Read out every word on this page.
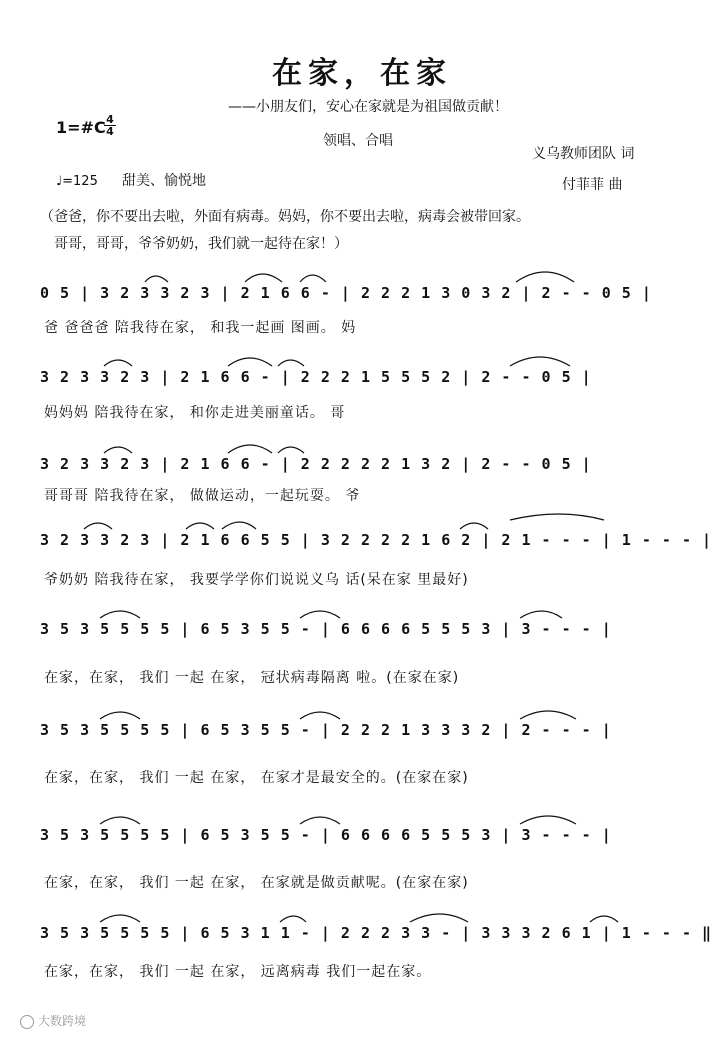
在家，在家
——小朋友们，安心在家就是为祖国做贡献！
1=#C 4
4
领唱、合唱
义乌教师团队 词
付菲菲 曲
♩=125 甜美、愉悦地
（爸爸，你不要出去啦，外面有病毒。妈妈，你不要出去啦，病毒会被带回家。
哥哥，哥哥，爷爷奶奶，我们就一起待在家！）
0 5 | 3 2 3 3 2 3 | 2 1 6 6 - | 2 2 2 1 3 0 3 2 | 2 - - 0 5 |
爸 爸爸爸 陪我待在家， 和我一起画 图画。 妈
3 2 3 3 2 3 | 2 1 6 6 - | 2 2 2 1 5 5 5 2 | 2 - - 0 5 |
妈妈妈 陪我待在家， 和你走进美丽童话。 哥
3 2 3 3 2 3 | 2 1 6 6 - | 2 2 2 2 2 1 3 2 | 2 - - 0 5 |
哥哥哥 陪我待在家， 做做运动，一起玩耍。 爷
3 2 3 3 2 3 | 2 1 6 6 5 5 | 3 2 2 2 2 1 6 2 | 2 1 - - - | 1 - - - |
爷奶奶 陪我待在家， 我要学学你们说说义乌 话(呆在家 里最好)
3 5 3 5 5 5 5 | 6 5 3 5 5 - | 6 6 6 6 5 5 5 3 | 3 - - - |
在家，在家， 我们 一起 在家， 冠状病毒隔离 啦。(在家在家)
3 5 3 5 5 5 5 | 6 5 3 5 5 - | 2 2 2 1 3 3 3 2 | 2 - - - |
在家，在家， 我们 一起 在家， 在家才是最安全的。(在家在家)
3 5 3 5 5 5 5 | 6 5 3 5 5 - | 6 6 6 6 5 5 5 3 | 3 - - - |
在家，在家， 我们 一起 在家， 在家就是做贡献呢。(在家在家)
3 5 3 5 5 5 5 | 6 5 3 1 1 - | 2 2 2 3 3 - | 3 3 3 2 6 1 | 1 - - - ‖
在家，在家， 我们 一起 在家， 远离病毒 我们一起在家。
大数跨境
